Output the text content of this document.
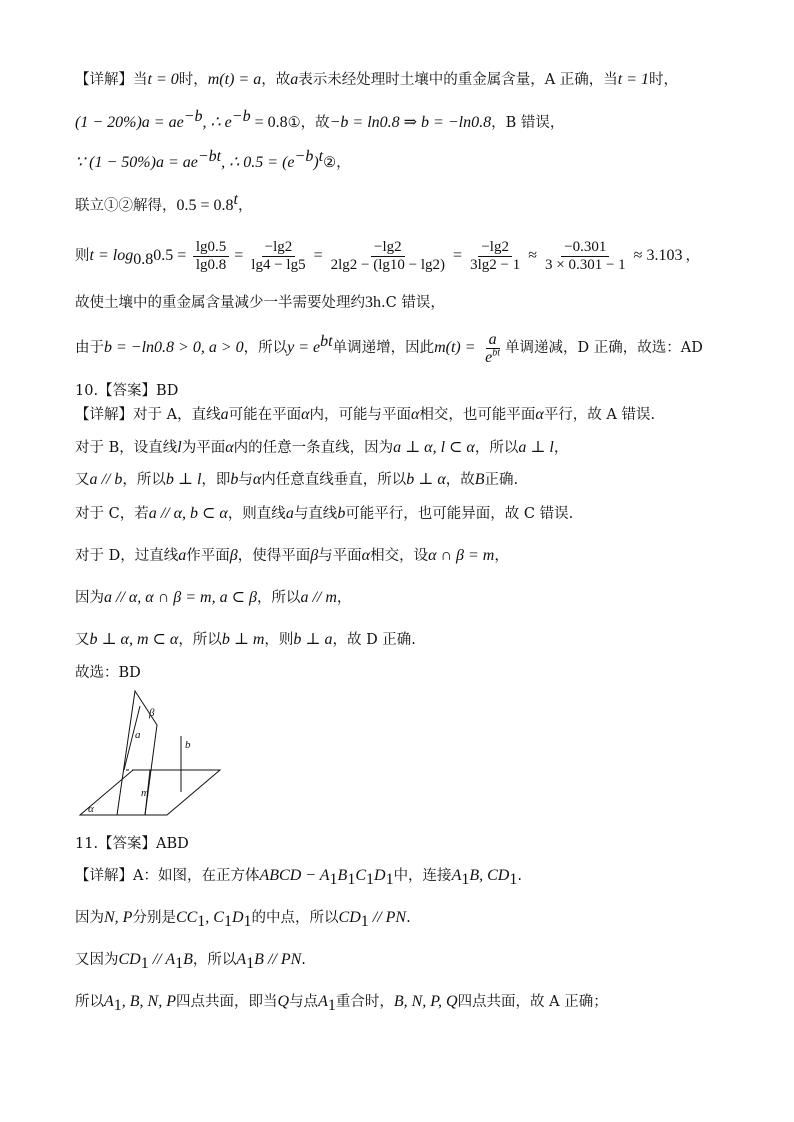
【详解】当t = 0时，m(t) = a，故a表示未经处理时土壤中的重金属含量，A 正确，当t = 1时，
$(1 - 20\%)a = ae^{-b}$, ∴ $e^{-b}$ = 0.8①，故−b = ln0.8 ⇒ b = −ln0.8，B 错误，
∵ $(1 - 50\%)a = ae^{-bt}$, ∴ $0.5 = (e^{-b})^t②$，
联立①②解得，$0.5 = 0.8^t$，
则$t = \log_{0.8}0.5 = \frac{\lg 0.5}{\lg 0.8} = \frac{-\lg 2}{\lg 4 - \lg 5} = \frac{-\lg 2}{2\lg 2 - (\lg 10 - \lg 2)} = \frac{-\lg 2}{3\lg 2 - 1} \approx \frac{-0.301}{3 \times 0.301 - 1} \approx 3.103$ ，
故使土壤中的重金属含量减少一半需要处理约3h.C 错误，
由于b = −ln0.8 > 0, a > 0，所以$y = e^{bt}$单调递增，因此$m(t) = \frac{a}{e^{bt}}$ 单调递减，D 正确，故选：AD
10.【答案】BD
【详解】对于 A，直线a可能在平面α内，可能与平面α相交，也可能平面α平行，故 A 错误.
对于 B，设直线l为平面α内的任意一条直线，因为a ⊥ α, l ⊂ α，所以a ⊥ l，
又a // b，所以b ⊥ l，即b与α内任意直线垂直，所以b ⊥ α，故B正确.
对于 C，若a // α, b ⊂ α，则直线a与直线b可能平行，也可能异面，故 C 错误.
对于 D，过直线a作平面β，使得平面β与平面α相交，设α ∩ β = m，
因为a // α, α ∩ β = m, a ⊂ β，所以a // m，
又b ⊥ α, m ⊂ α，所以b ⊥ m，则b ⊥ a，故 D 正确.
故选：BD
β
a
b
m
α
11.【答案】ABD
【详解】A：如图，在正方体ABCD − $A_1B_1C_1D_1$中，连接$A_1B$, $CD_1$.
因为N, P分别是$CC_1$, $C_1D_1$的中点，所以$CD_1$ // PN.
又因为$CD_1 // A_1B$，所以$A_1B$ // PN.
所以$A_1$, B, N, P四点共面，即当Q与点$A_1$重合时，B, N, P, Q四点共面，故 A 正确；
